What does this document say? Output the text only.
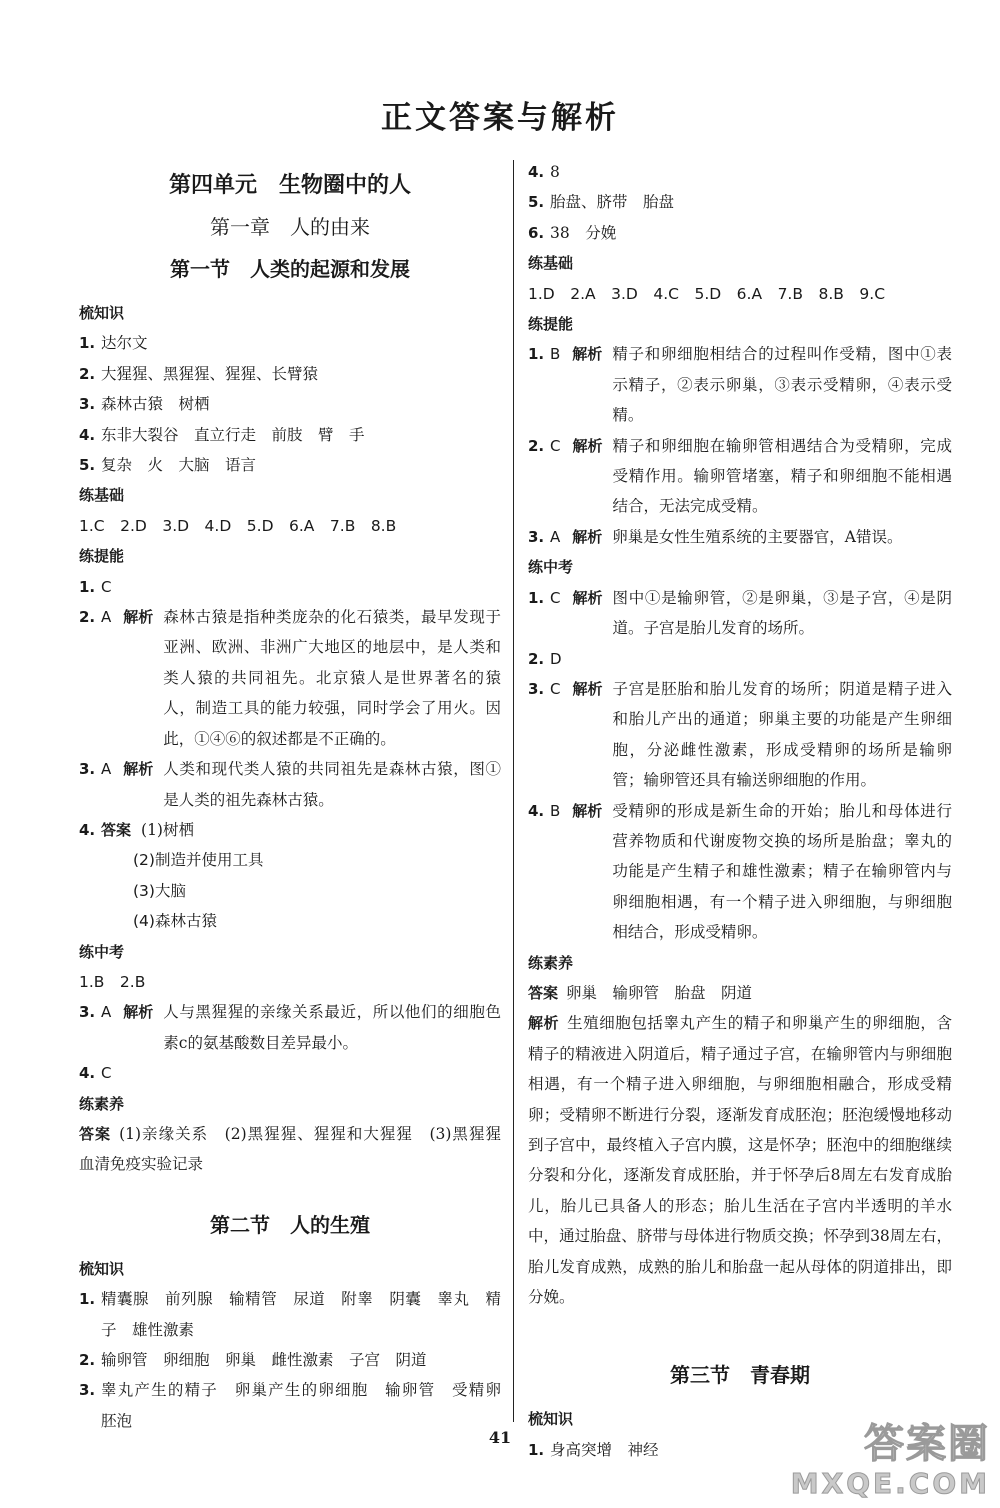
正文答案与解析
第四单元　生物圈中的人
第一章　人的由来
第一节　人类的起源和发展
梳知识
1. 达尔文
2. 大猩猩、黑猩猩、猩猩、长臂猿
3. 森林古猿　树栖
4. 东非大裂谷　直立行走　前肢　臂　手
5. 复杂　火　大脑　语言
练基础
1.C　2.D　3.D　4.D　5.D　6.A　7.B　8.B
练提能
1. C
2. A 解析 森林古猿是指种类庞杂的化石猿类，最早发现于亚洲、欧洲、非洲广大地区的地层中，是人类和类人猿的共同祖先。北京猿人是世界著名的猿人，制造工具的能力较强，同时学会了用火。因此，①④⑥的叙述都是不正确的。
3. A 解析 人类和现代类人猿的共同祖先是森林古猿，图①是人类的祖先森林古猿。
4. 答案 (1)树栖
(2)制造并使用工具
(3)大脑
(4)森林古猿
练中考
1.B　2.B
3. A 解析 人与黑猩猩的亲缘关系最近，所以他们的细胞色素c的氨基酸数目差异最小。
4. C
练素养
答案 (1)亲缘关系　(2)黑猩猩、猩猩和大猩猩　(3)黑猩猩　血清免疫实验记录
第二节　人的生殖
梳知识
1. 精囊腺　前列腺　输精管　尿道　附睾　阴囊　睾丸　精子　雄性激素
2. 输卵管　卵细胞　卵巢　雌性激素　子宫　阴道
3. 睾丸产生的精子　卵巢产生的卵细胞　输卵管　受精卵　胚泡
4. 8
5. 胎盘、脐带　胎盘
6. 38　分娩
练基础
1.D　2.A　3.D　4.C　5.D　6.A　7.B　8.B　9.C
练提能
1. B 解析 精子和卵细胞相结合的过程叫作受精，图中①表示精子，②表示卵巢，③表示受精卵，④表示受精。
2. C 解析 精子和卵细胞在输卵管相遇结合为受精卵，完成受精作用。输卵管堵塞，精子和卵细胞不能相遇结合，无法完成受精。
3. A 解析 卵巢是女性生殖系统的主要器官，A错误。
练中考
1. C 解析 图中①是输卵管，②是卵巢，③是子宫，④是阴道。子宫是胎儿发育的场所。
2. D
3. C 解析 子宫是胚胎和胎儿发育的场所；阴道是精子进入和胎儿产出的通道；卵巢主要的功能是产生卵细胞，分泌雌性激素，形成受精卵的场所是输卵管；输卵管还具有输送卵细胞的作用。
4. B 解析 受精卵的形成是新生命的开始；胎儿和母体进行营养物质和代谢废物交换的场所是胎盘；睾丸的功能是产生精子和雄性激素；精子在输卵管内与卵细胞相遇，有一个精子进入卵细胞，与卵细胞相结合，形成受精卵。
练素养
答案 卵巢　输卵管　胎盘　阴道
解析 生殖细胞包括睾丸产生的精子和卵巢产生的卵细胞，含精子的精液进入阴道后，精子通过子宫，在输卵管内与卵细胞相遇，有一个精子进入卵细胞，与卵细胞相融合，形成受精卵；受精卵不断进行分裂，逐渐发育成胚泡；胚泡缓慢地移动到子宫中，最终植入子宫内膜，这是怀孕；胚泡中的细胞继续分裂和分化，逐渐发育成胚胎，并于怀孕后8周左右发育成胎儿，胎儿已具备人的形态；胎儿生活在子宫内半透明的羊水中，通过胎盘、脐带与母体进行物质交换；怀孕到38周左右，胎儿发育成熟，成熟的胎儿和胎盘一起从母体的阴道排出，即分娩。
第三节　青春期
梳知识
1. 身高突增　神经
41	答案圈
MXQE.COM
